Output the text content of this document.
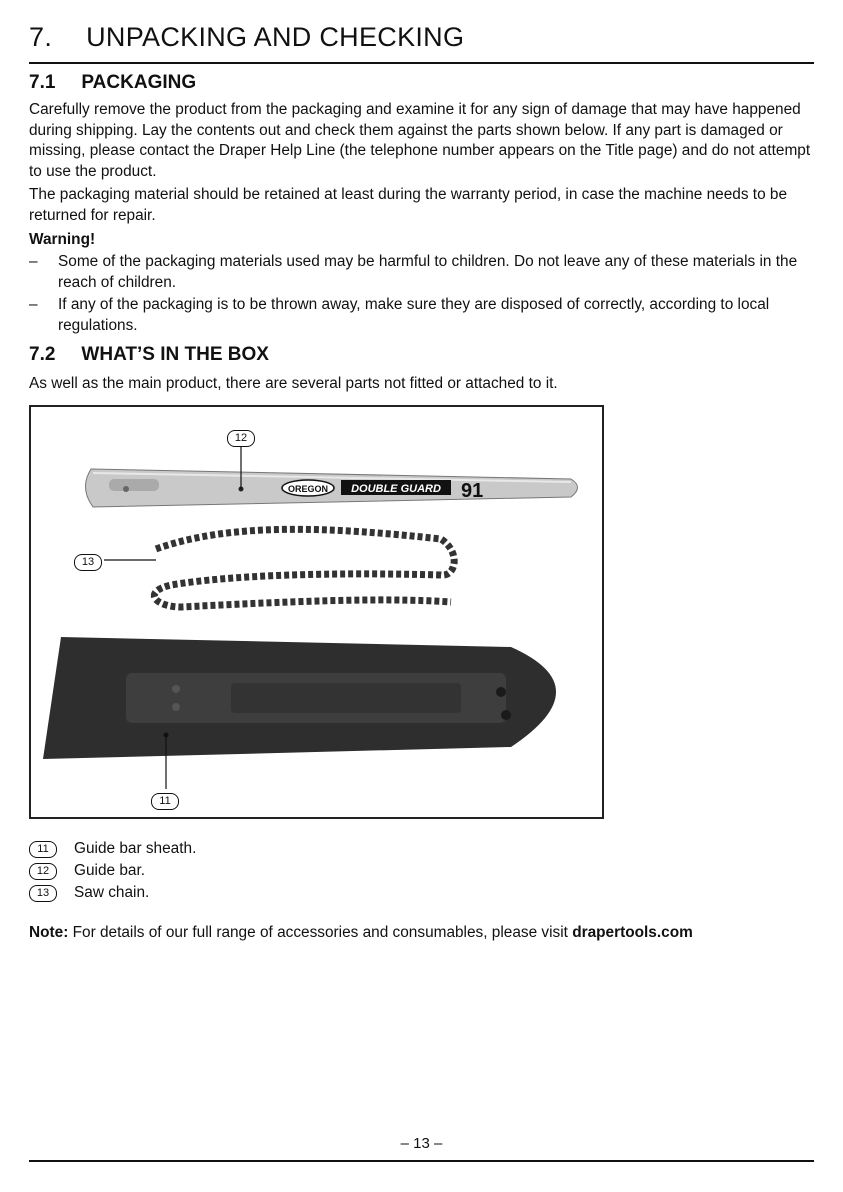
7. UNPACKING AND CHECKING
7.1 PACKAGING

Carefully remove the product from the packaging and examine it for any sign of damage that may have happened during shipping. Lay the contents out and check them against the parts shown below. If any part is damaged or missing, please contact the Draper Help Line (the telephone number appears on the Title page) and do not attempt to use the product.

The packaging material should be retained at least during the warranty period, in case the machine needs to be returned for repair.

Warning!
– Some of the packaging materials used may be harmful to children. Do not leave any of these materials in the reach of children.
– If any of the packaging is to be thrown away, make sure they are disposed of correctly, according to local regulations.
7.2 WHAT’S IN THE BOX

As well as the main product, there are several parts not fitted or attached to it.

OREGON DOUBLE GUARD 91
12
13
11
11	Guide bar sheath.
12	Guide bar.
13	Saw chain.
Note: For details of our full range of accessories and consumables, please visit drapertools.com
– 13 –
